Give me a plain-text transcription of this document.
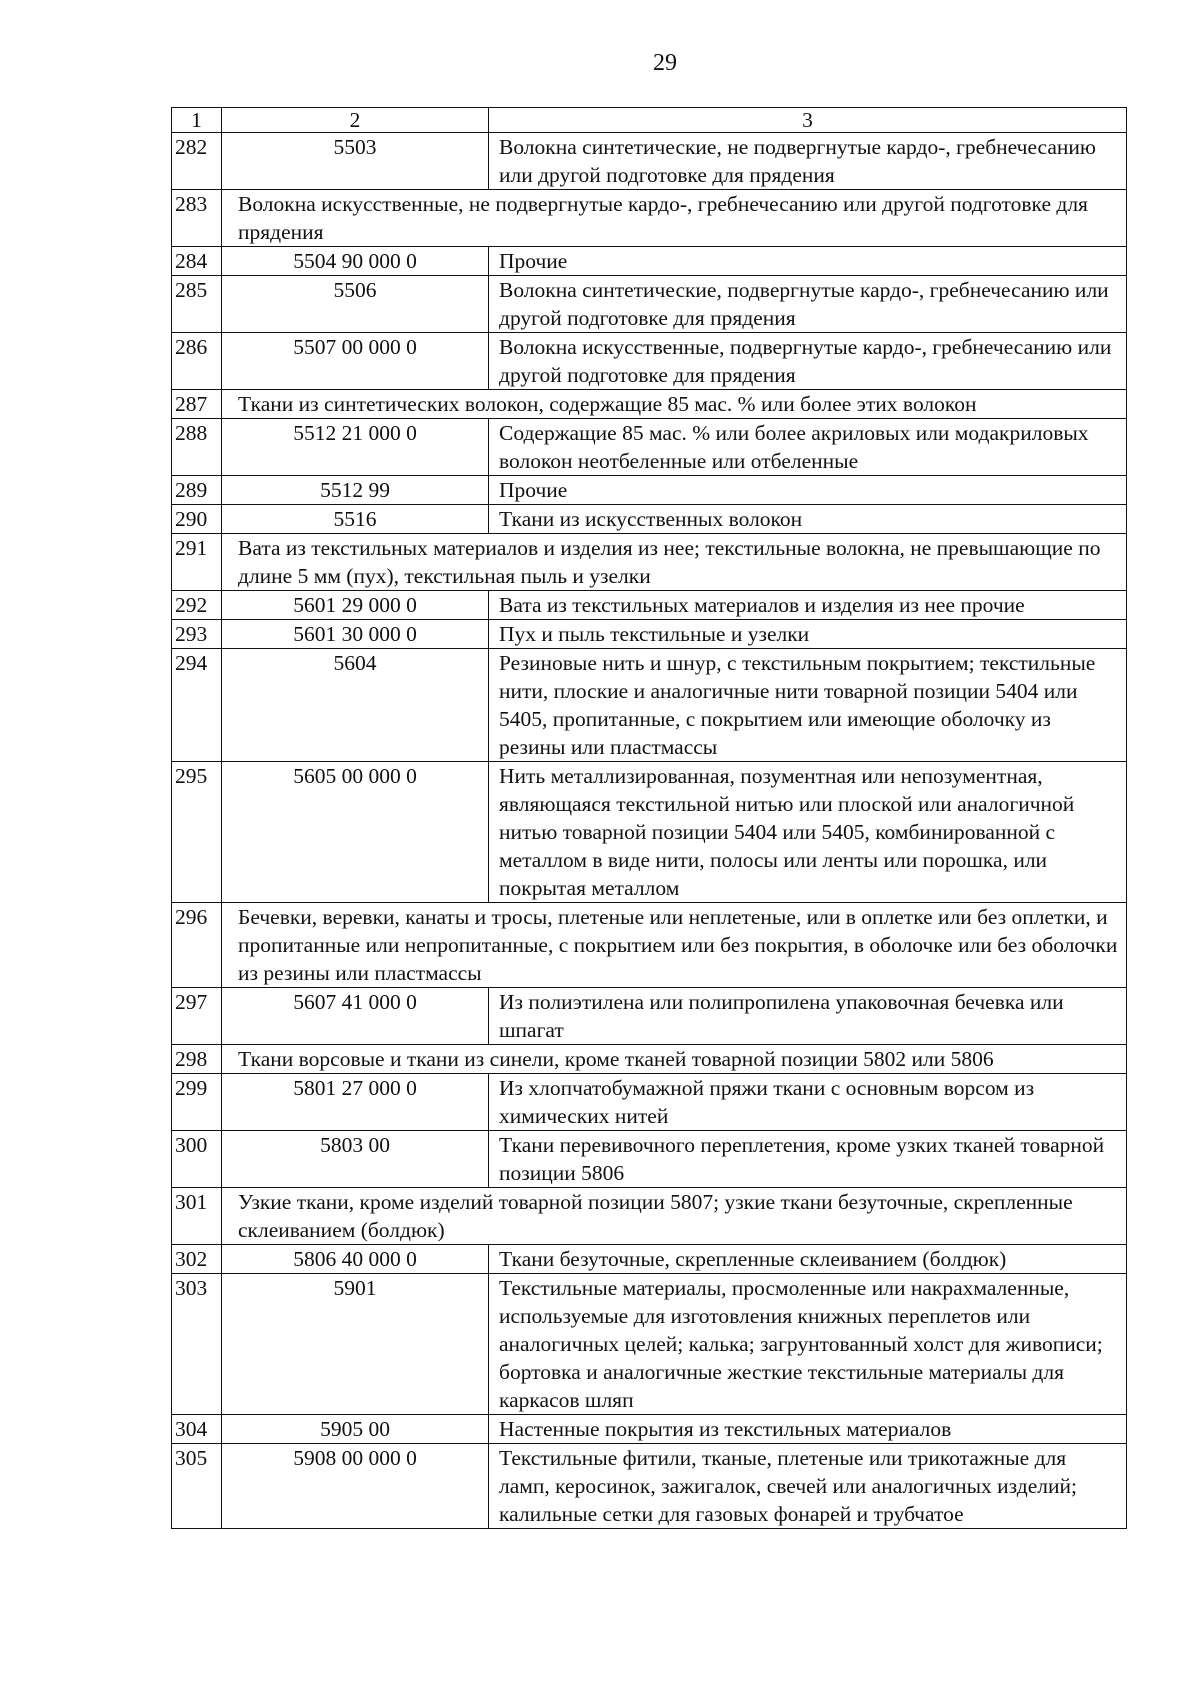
29
1	2	3
282	5503	Волокна синтетические, не подвергнутые кардо-, гребнечесанию или другой подготовке для прядения
283	Волокна искусственные, не подвергнутые кардо-, гребнечесанию или другой подготовке для прядения	
284	5504 90 000 0	Прочие
285	5506	Волокна синтетические, подвергнутые кардо-, гребнечесанию или другой подготовке для прядения
286	5507 00 000 0	Волокна искусственные, подвергнутые кардо-, гребнечесанию или другой подготовке для прядения
287	Ткани из синтетических волокон, содержащие 85 мас. % или более этих волокон	
288	5512 21 000 0	Содержащие 85 мас. % или более акриловых или модакриловых волокон неотбеленные или отбеленные
289	5512 99	Прочие
290	5516	Ткани из искусственных волокон
291	Вата из текстильных материалов и изделия из нее; текстильные волокна, не превышающие по длине 5 мм (пух), текстильная пыль и узелки	
292	5601 29 000 0	Вата из текстильных материалов и изделия из нее прочие
293	5601 30 000 0	Пух и пыль текстильные и узелки
294	5604	Резиновые нить и шнур, с текстильным покрытием; текстильные нити, плоские и аналогичные нити товарной позиции 5404 или 5405, пропитанные, с покрытием или имеющие оболочку из резины или пластмассы
295	5605 00 000 0	Нить металлизированная, позументная или непозументная, являющаяся текстильной нитью или плоской или аналогичной нитью товарной позиции 5404 или 5405, комбинированной с металлом в виде нити, полосы или ленты или порошка, или покрытая металлом
296	Бечевки, веревки, канаты и тросы, плетеные или неплетеные, или в оплетке или без оплетки, и пропитанные или непропитанные, с покрытием или без покрытия, в оболочке или без оболочки из резины или пластмассы	
297	5607 41 000 0	Из полиэтилена или полипропилена упаковочная бечевка или шпагат
298	Ткани ворсовые и ткани из синели, кроме тканей товарной позиции 5802 или 5806	
299	5801 27 000 0	Из хлопчатобумажной пряжи ткани с основным ворсом из химических нитей
300	5803 00	Ткани перевивочного переплетения, кроме узких тканей товарной позиции 5806
301	Узкие ткани, кроме изделий товарной позиции 5807; узкие ткани безуточные, скрепленные склеиванием (болдюк)	
302	5806 40 000 0	Ткани безуточные, скрепленные склеиванием (болдюк)
303	5901	Текстильные материалы, просмоленные или накрахмаленные, используемые для изготовления книжных переплетов или аналогичных целей; калька; загрунтованный холст для живописи; бортовка и аналогичные жесткие текстильные материалы для каркасов шляп
304	5905 00	Настенные покрытия из текстильных материалов
305	5908 00 000 0	Текстильные фитили, тканые, плетеные или трикотажные для ламп, керосинок, зажигалок, свечей или аналогичных изделий; калильные сетки для газовых фонарей и трубчатое
